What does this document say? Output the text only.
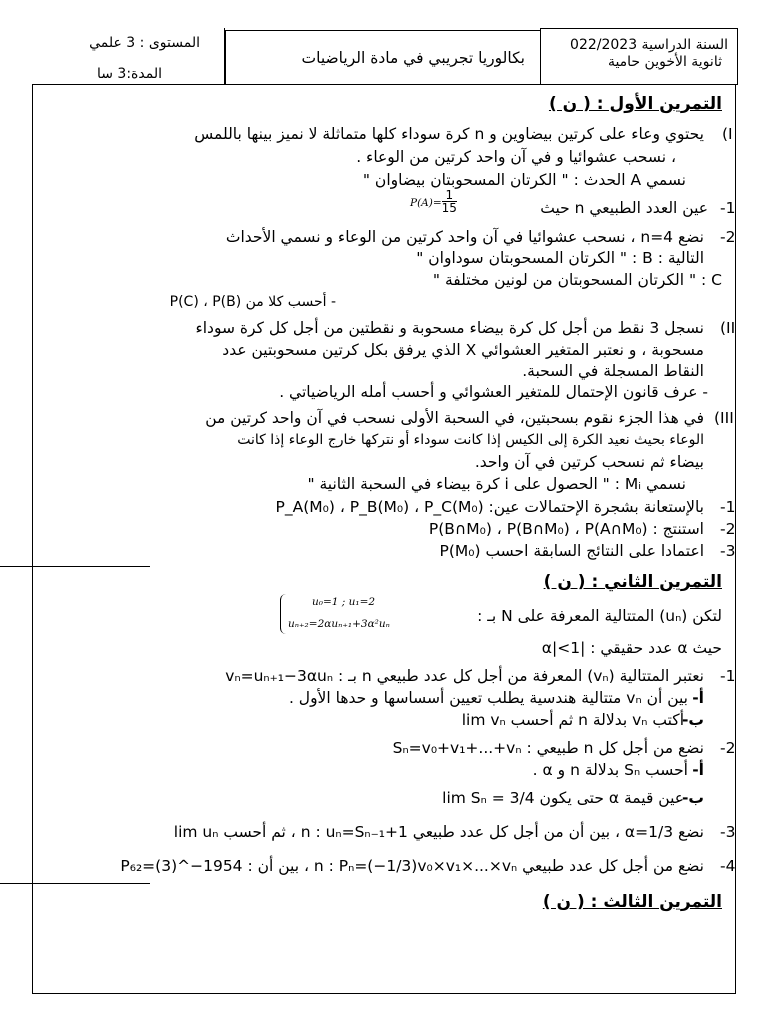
المستوى : 3 علمي
المدة:3 سا
بكالوريا تجريبي في مادة الرياضيات
السنة الدراسية 022/2023
ثانوية الأخوين حامية
التمرين الأول : ( ن )
(I
يحتوي وعاء على كرتين بيضاوين و n كرة سوداء كلها متماثلة لا نميز بينها باللمس
، نسحب عشوائيا و في آن واحد كرتين من الوعاء .
نسمي A الحدث : " الكرتان المسحوبتان بيضاوان "
-1
عين العدد الطبيعي n حيث
$P(A)= \frac{1}{15}$
-2
نضع n=4 ، نسحب عشوائيا في آن واحد كرتين من الوعاء و نسمي الأحداث
التالية : B : " الكرتان المسحوبتان سوداوان "
C : " الكرتان المسحوبتان من لونين مختلفة "
- أحسب كلا من P(C) ، P(B)
(II
نسجل 3 نقط من أجل كل كرة بيضاء مسحوبة و نقطتين من أجل كل كرة سوداء
مسحوبة ، و نعتبر المتغير العشوائي X الذي يرفق بكل كرتين مسحوبتين عدد
النقاط المسجلة في السحبة.
- عرف قانون الإحتمال للمتغير العشوائي و أحسب أمله الرياضياتي .
(III
في هذا الجزء نقوم بسحبتين، في السحبة الأولى نسحب في آن واحد كرتين من
الوعاء بحيث نعيد الكرة إلى الكيس إذا كانت سوداء أو نتركها خارج الوعاء إذا كانت
بيضاء ثم نسحب كرتين في آن واحد.
نسمي Mᵢ : " الحصول على i كرة بيضاء في السحبة الثانية "
-1
بالإستعانة بشجرة الإحتمالات عين: P_A(M₀) ، P_B(M₀) ، P_C(M₀)
-2
استنتج : P(B∩M₀) ، P(B∩M₀) ، P(A∩M₀)
-3
اعتمادا على النتائج السابقة احسب P(M₀)
التمرين الثاني : ( ن )
لتكن (uₙ) المتتالية المعرفة على N بـ :
u₀=1 ; u₁=2
uₙ₊₂=2αuₙ₊₁+3α²uₙ
حيث α عدد حقيقي : |α|<1
-1
نعتبر المتتالية (vₙ) المعرفة من أجل كل عدد طبيعي n بـ : vₙ=uₙ₊₁−3αuₙ
أ-
بين أن vₙ متتالية هندسية يطلب تعيين أسساسها و حدها الأول .
ب-
أكتب vₙ بدلالة n ثم أحسب lim vₙ
-2
نضع من أجل كل n طبيعي : Sₙ=v₀+v₁+...+vₙ
أ-
أحسب Sₙ بدلالة n و α .
ب-
عين قيمة α حتى يكون lim Sₙ = 3/4
-3
نضع α=1/3 ، بين أن من أجل كل عدد طبيعي n : uₙ=Sₙ₋₁+1 ، ثم أحسب lim uₙ
-4
نضع من أجل كل عدد طبيعي n : Pₙ=(−1/3)v₀×v₁×...×vₙ ، بين أن : P₆₂=(3)^−1954
التمرين الثالث : ( ن )
